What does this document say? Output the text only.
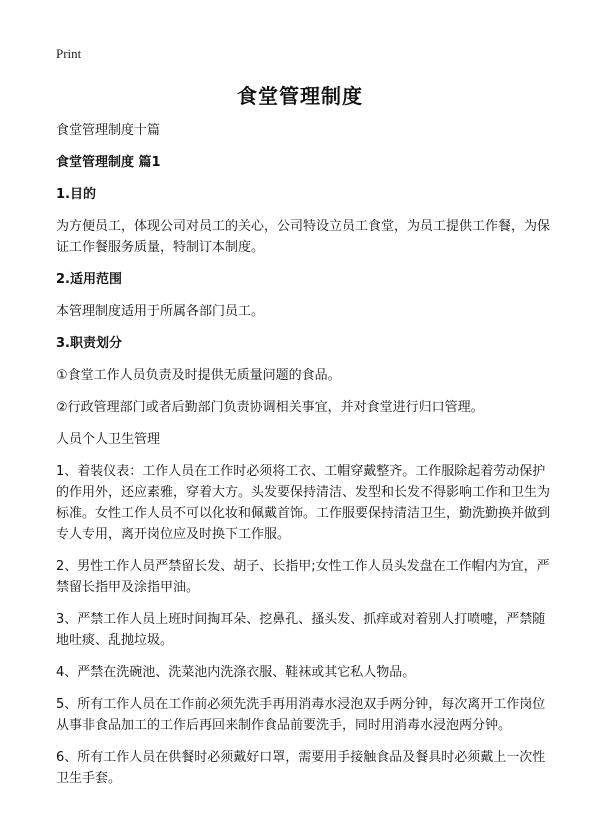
Print
食堂管理制度

食堂管理制度十篇

食堂管理制度 篇1

1.目的

为方便员工，体现公司对员工的关心，公司特设立员工食堂，为员工提供工作餐，为保证工作餐服务质量，特制订本制度。

2.适用范围

本管理制度适用于所属各部门员工。

3.职责划分

①食堂工作人员负责及时提供无质量问题的食品。

②行政管理部门或者后勤部门负责协调相关事宜，并对食堂进行归口管理。

人员个人卫生管理

1、着装仪表：工作人员在工作时必须将工衣、工帽穿戴整齐。工作服除起着劳动保护的作用外，还应素雅，穿着大方。头发要保持清洁、发型和长发不得影响工作和卫生为标准。女性工作人员不可以化妆和佩戴首饰。工作服要保持清洁卫生，勤洗勤换并做到专人专用，离开岗位应及时换下工作服。

2、男性工作人员严禁留长发、胡子、长指甲;女性工作人员头发盘在工作帽内为宜，严禁留长指甲及涂指甲油。

3、严禁工作人员上班时间掏耳朵、挖鼻孔、搔头发、抓痒或对着别人打喷嚏，严禁随地吐痰、乱抛垃圾。

4、严禁在洗碗池、洗菜池内洗涤衣服、鞋袜或其它私人物品。

5、所有工作人员在工作前必须先洗手再用消毒水浸泡双手两分钟，每次离开工作岗位从事非食品加工的工作后再回来制作食品前要洗手，同时用消毒水浸泡两分钟。

6、所有工作人员在供餐时必须戴好口罩，需要用手接触食品及餐具时必须戴上一次性卫生手套。
